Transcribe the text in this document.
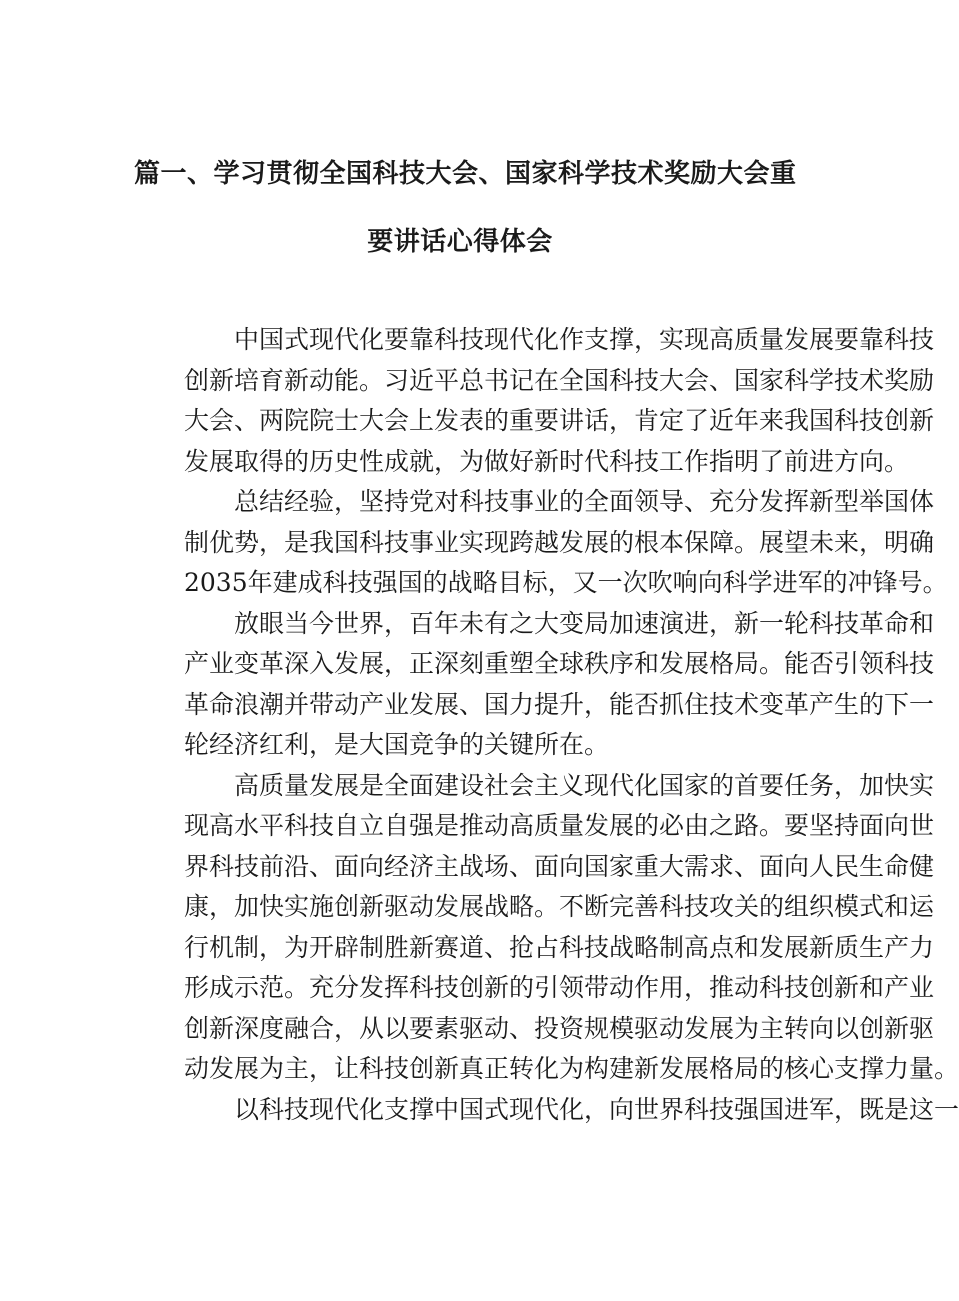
篇一、学习贯彻全国科技大会、国家科学技术奖励大会重
要讲话心得体会
中国式现代化要靠科技现代化作支撑，实现高质量发展要靠科技
创新培育新动能。习近平总书记在全国科技大会、国家科学技术奖励
大会、两院院士大会上发表的重要讲话，肯定了近年来我国科技创新
发展取得的历史性成就，为做好新时代科技工作指明了前进方向。
总结经验，坚持党对科技事业的全面领导、充分发挥新型举国体
制优势，是我国科技事业实现跨越发展的根本保障。展望未来，明确
2035年建成科技强国的战略目标，又一次吹响向科学进军的冲锋号。
放眼当今世界，百年未有之大变局加速演进，新一轮科技革命和
产业变革深入发展，正深刻重塑全球秩序和发展格局。能否引领科技
革命浪潮并带动产业发展、国力提升，能否抓住技术变革产生的下一
轮经济红利，是大国竞争的关键所在。
高质量发展是全面建设社会主义现代化国家的首要任务，加快实
现高水平科技自立自强是推动高质量发展的必由之路。要坚持面向世
界科技前沿、面向经济主战场、面向国家重大需求、面向人民生命健
康，加快实施创新驱动发展战略。不断完善科技攻关的组织模式和运
行机制，为开辟制胜新赛道、抢占科技战略制高点和发展新质生产力
形成示范。充分发挥科技创新的引领带动作用，推动科技创新和产业
创新深度融合，从以要素驱动、投资规模驱动发展为主转向以创新驱
动发展为主，让科技创新真正转化为构建新发展格局的核心支撑力量。
以科技现代化支撑中国式现代化，向世界科技强国进军，既是这一
